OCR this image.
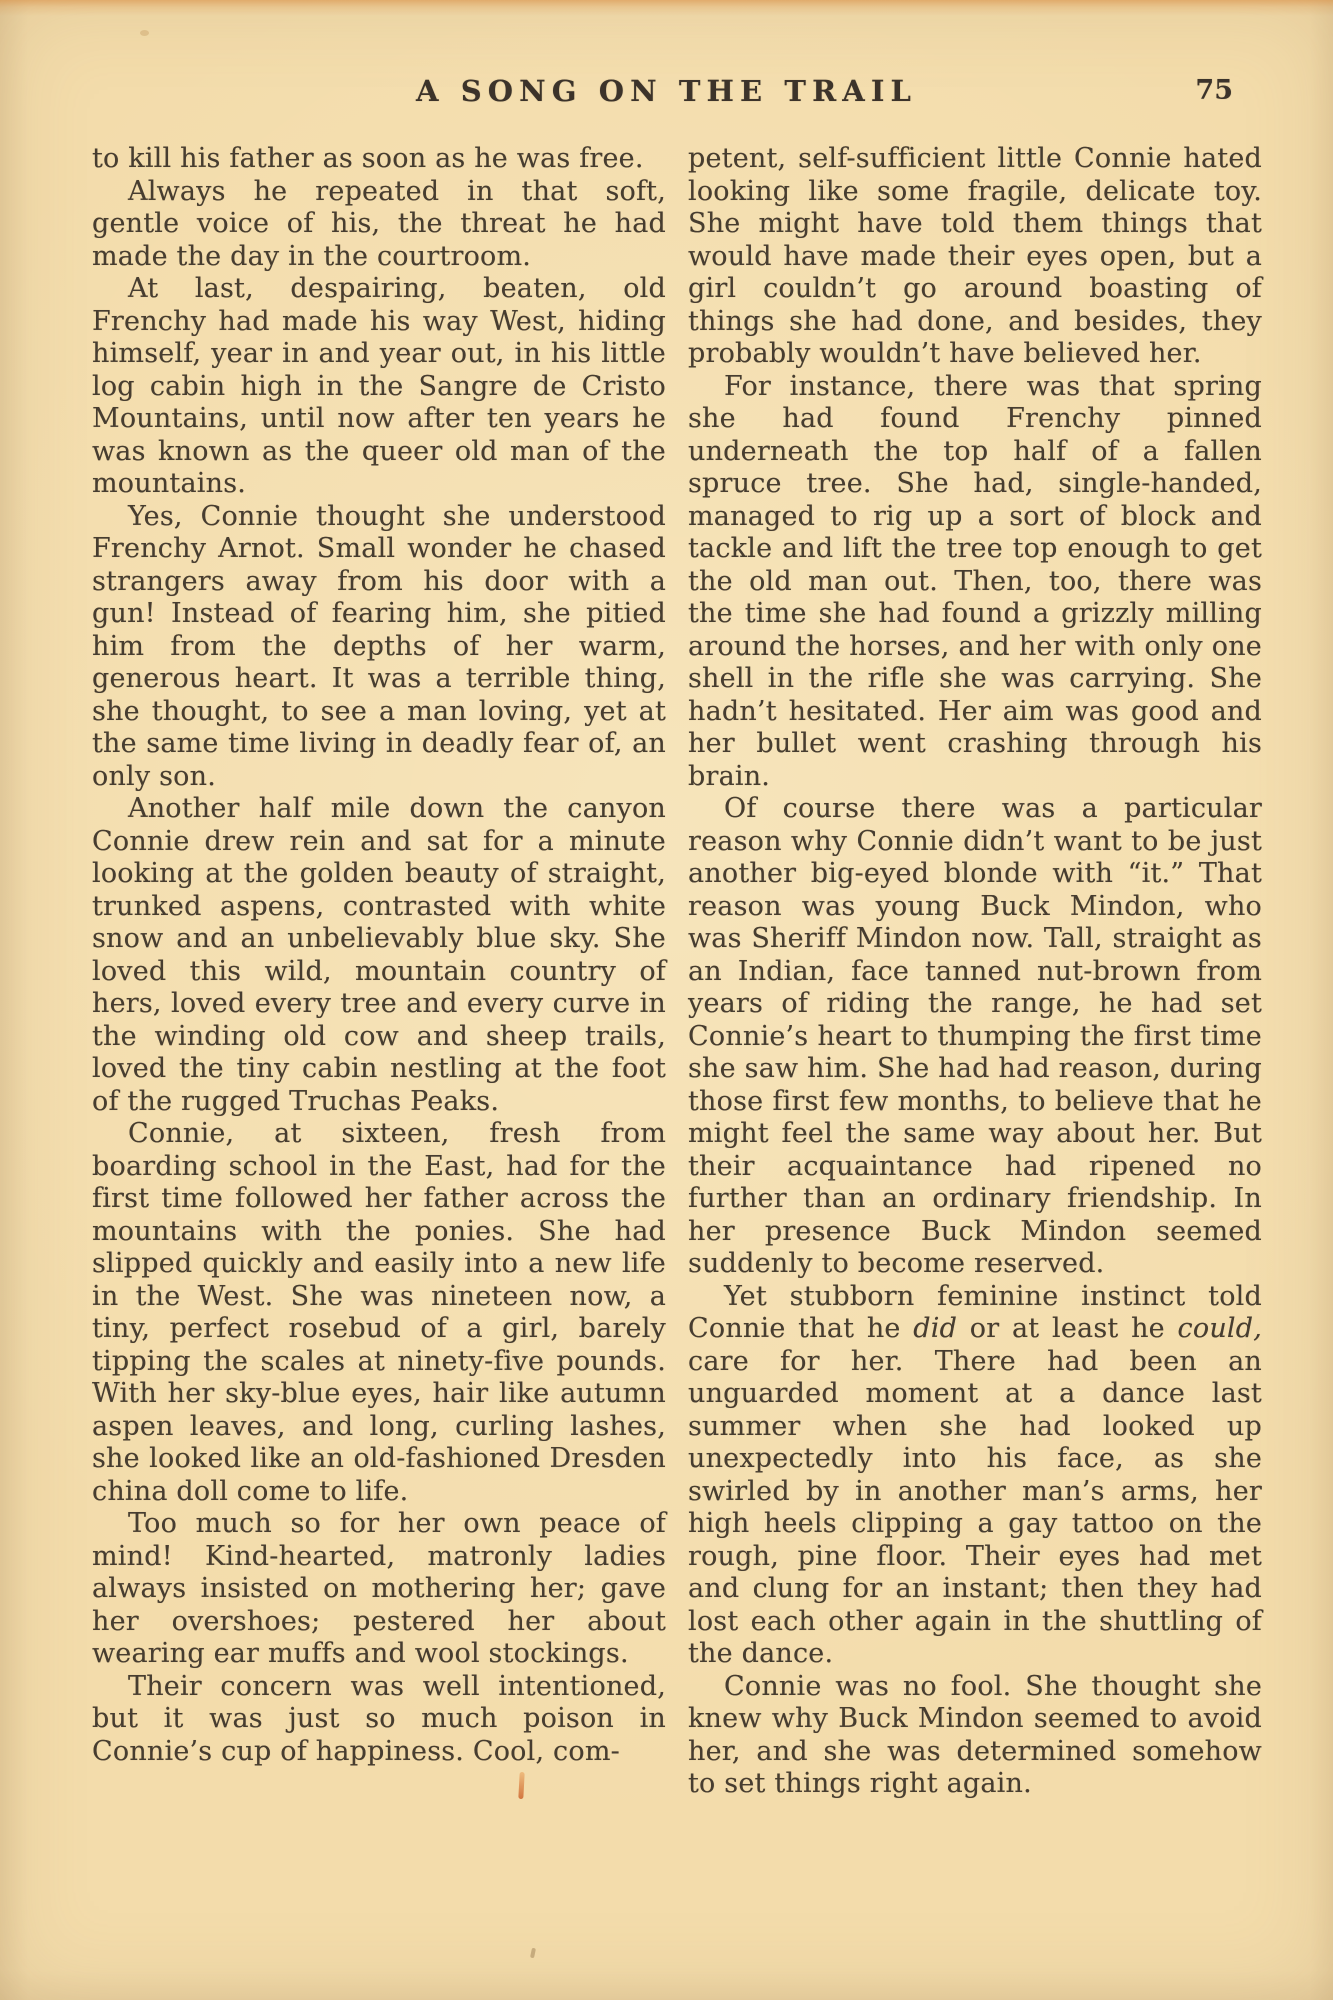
A SONG ON THE TRAIL	75

to kill his father as soon as he was free.

Always he repeated in that soft, gentle voice of his, the threat he had made the day in the courtroom.

At last, despairing, beaten, old Frenchy had made his way West, hiding himself, year in and year out, in his little log cabin high in the Sangre de Cristo Mountains, until now after ten years he was known as the queer old man of the mountains.

Yes, Connie thought she understood Frenchy Arnot. Small wonder he chased strangers away from his door with a gun! Instead of fearing him, she pitied him from the depths of her warm, generous heart. It was a terrible thing, she thought, to see a man loving, yet at the same time living in deadly fear of, an only son.

Another half mile down the canyon Connie drew rein and sat for a minute looking at the golden beauty of straight, trunked aspens, contrasted with white snow and an unbelievably blue sky. She loved this wild, mountain country of hers, loved every tree and every curve in the winding old cow and sheep trails, loved the tiny cabin nestling at the foot of the rugged Truchas Peaks.

Connie, at sixteen, fresh from boarding school in the East, had for the first time followed her father across the mountains with the ponies. She had slipped quickly and easily into a new life in the West. She was nineteen now, a tiny, perfect rosebud of a girl, barely tipping the scales at ninety-five pounds. With her sky-blue eyes, hair like autumn aspen leaves, and long, curling lashes, she looked like an old-fashioned Dresden china doll come to life.

Too much so for her own peace of mind! Kind-hearted, matronly ladies always insisted on mothering her; gave her overshoes; pestered her about wearing ear muffs and wool stockings.

Their concern was well intentioned, but it was just so much poison in Connie’s cup of happiness. Cool, com-

petent, self-sufficient little Connie hated looking like some fragile, delicate toy. She might have told them things that would have made their eyes open, but a girl couldn’t go around boasting of things she had done, and besides, they probably wouldn’t have believed her.

For instance, there was that spring she had found Frenchy pinned underneath the top half of a fallen spruce tree. She had, single-handed, managed to rig up a sort of block and tackle and lift the tree top enough to get the old man out. Then, too, there was the time she had found a grizzly milling around the horses, and her with only one shell in the rifle she was carrying. She hadn’t hesitated. Her aim was good and her bullet went crashing through his brain.

Of course there was a particular reason why Connie didn’t want to be just another big-eyed blonde with “it.” That reason was young Buck Mindon, who was Sheriff Mindon now. Tall, straight as an Indian, face tanned nut-brown from years of riding the range, he had set Connie’s heart to thumping the first time she saw him. She had had reason, during those first few months, to believe that he might feel the same way about her. But their acquaintance had ripened no further than an ordinary friendship. In her presence Buck Mindon seemed suddenly to become reserved.

Yet stubborn feminine instinct told Connie that he did or at least he could, care for her. There had been an unguarded moment at a dance last summer when she had looked up unexpectedly into his face, as she swirled by in another man’s arms, her high heels clipping a gay tattoo on the rough, pine floor. Their eyes had met and clung for an instant; then they had lost each other again in the shuttling of the dance.

Connie was no fool. She thought she knew why Buck Mindon seemed to avoid her, and she was determined somehow to set things right again.
